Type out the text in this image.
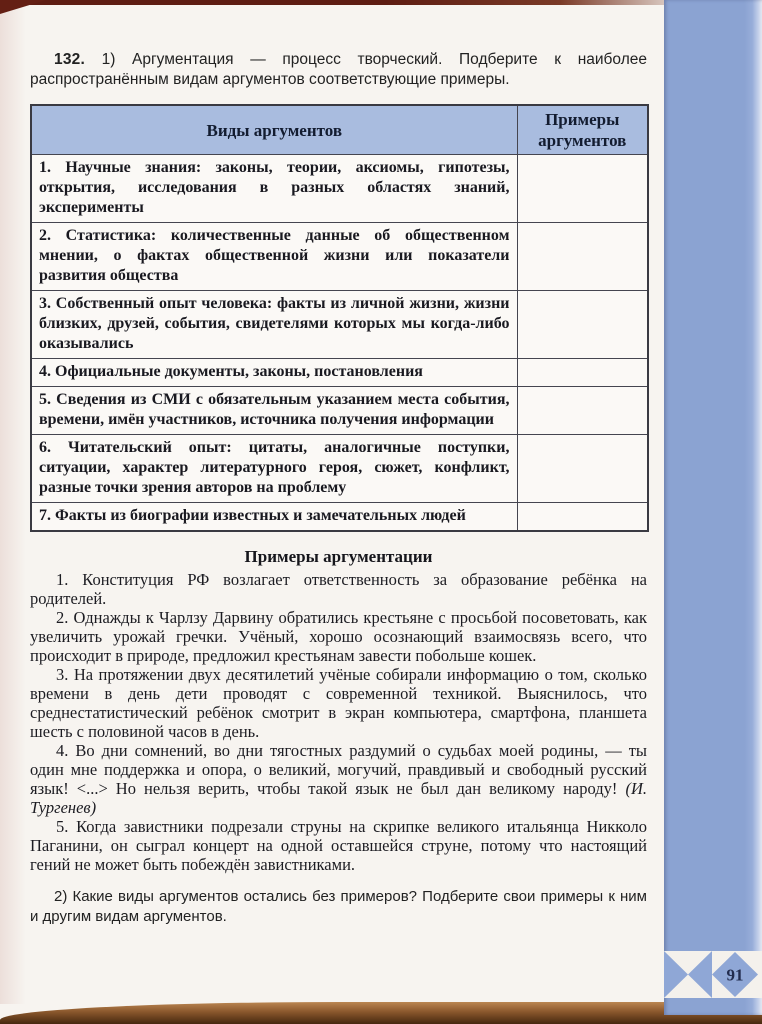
132. 1) Аргументация — процесс творческий. Подберите к наиболее распространённым видам аргументов соответствующие примеры.

Виды аргументов	Примеры аргументов
1. Научные знания: законы, теории, аксиомы, гипотезы, открытия, исследования в разных областях знаний, эксперименты	
2. Статистика: количественные данные об общественном мнении, о фактах общественной жизни или показатели развития общества	
3. Собственный опыт человека: факты из личной жизни, жизни близких, друзей, события, свидетелями которых мы когда-либо оказывались	
4. Официальные документы, законы, постановления	
5. Сведения из СМИ с обязательным указанием места события, времени, имён участников, источника получения информации	
6. Читательский опыт: цитаты, аналогичные поступки, ситуации, характер литературного героя, сюжет, конфликт, разные точки зрения авторов на проблему	
7. Факты из биографии известных и замечательных людей	
Примеры аргументации

1. Конституция РФ возлагает ответственность за образование ребёнка на родителей.

2. Однажды к Чарлзу Дарвину обратились крестьяне с просьбой посоветовать, как увеличить урожай гречки. Учёный, хорошо осознающий взаимосвязь всего, что происходит в природе, предложил крестьянам завести побольше кошек.

3. На протяжении двух десятилетий учёные собирали информацию о том, сколько времени в день дети проводят с современной техникой. Выяснилось, что среднестатистический ребёнок смотрит в экран компьютера, смартфона, планшета шесть с половиной часов в день.

4. Во дни сомнений, во дни тягостных раздумий о судьбах моей родины, — ты один мне поддержка и опора, о великий, могучий, правдивый и свободный русский язык! <...> Но нельзя верить, чтобы такой язык не был дан великому народу! (И. Тургенев)

5. Когда завистники подрезали струны на скрипке великого итальянца Никколо Паганини, он сыграл концерт на одной оставшейся струне, потому что настоящий гений не может быть побеждён завистниками.

2) Какие виды аргументов остались без примеров? Подберите свои примеры к ним и другим видам аргументов.

91
